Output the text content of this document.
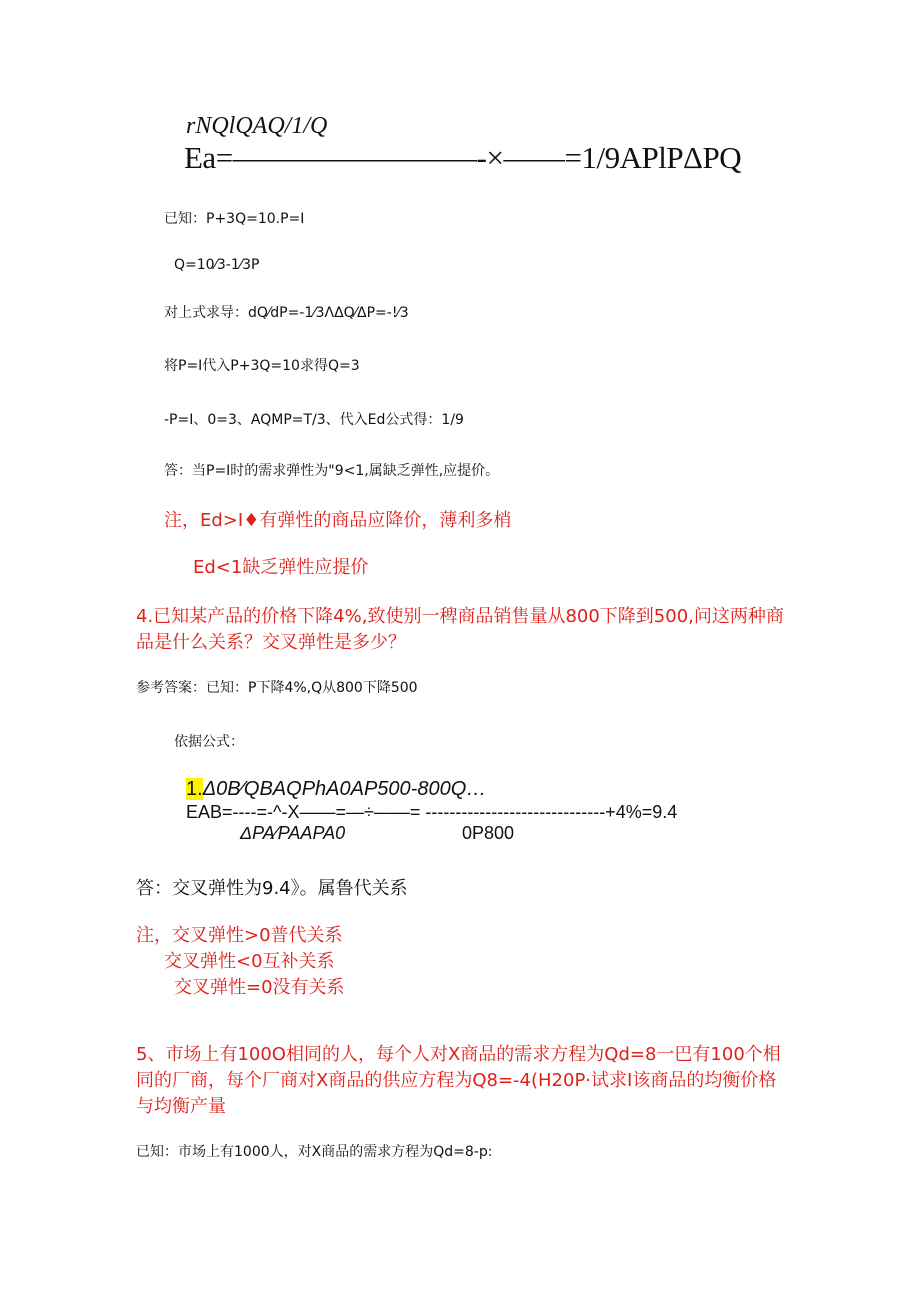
rNQlQAQ/1/Q
Ea=————————-×——=1/9APlPΔPQ
已知：P+3Q=10.P=I
Q=10⁄3-1⁄3P
对上式求导：dQ⁄dP=-1⁄3ΛΔQ⁄ΔP=-!⁄3
将P=I代入P+3Q=10求得Q=3
-P=I、0=3、AQMP=T/3、代入Ed公式得：1/9
答：当P=I时的需求弹性为"9<1,属缺乏弹性,应提价。
注，Ed>I♦有弹性的商品应降价，薄利多梢
Ed<1缺乏弹性应提价
4.已知某产品的价格下降4%,致使别一稗商品销售量从800下降到500,问这两种商
品是什么关系？交叉弹性是多少？
参考答案：已知：P下降4%,Q从800下降500
依据公式：
1.Δ0B⁄QBAQPhA0AP500-800Q…
EAB=----=-^-X——=—÷——= ------------------------------+4%=9.4
ΔPA⁄PAAPA0	0P800
答：交叉弹性为9.4》。属鲁代关系
注，交叉弹性>0普代关系
交叉弹性<0互补关系
交叉弹性=0没有关系
5、市场上有100O相同的人，每个人对X商品的需求方程为Qd=8一巴有100个相
同的厂商，每个厂商对X商品的供应方程为Q8=-4(H20P·试求I该商品的均衡价格
与均衡产量
已知：市场上有1000人，对X商品的需求方程为Qd=8-p:
